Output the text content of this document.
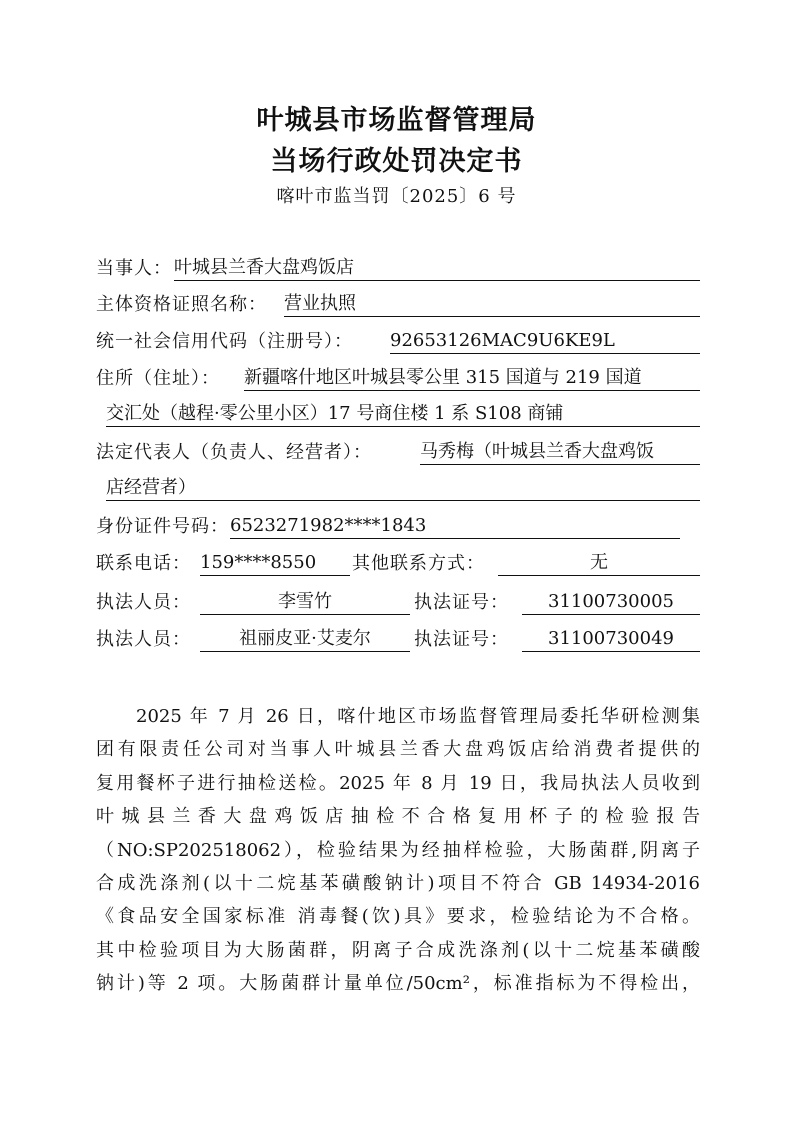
叶城县市场监督管理局
当场行政处罚决定书
喀叶市监当罚〔2025〕6 号
当事人： 叶城县兰香大盘鸡饭店
主体资格证照名称： 营业执照
统一社会信用代码（注册号）： 92653126MAC9U6KE9L
住所（住址）： 新疆喀什地区叶城县零公里 315 国道与 219 国道
交汇处（越程·零公里小区）17 号商住楼 1 系 S108 商铺
法定代表人（负责人、经营者）：	马秀梅（叶城县兰香大盘鸡饭
店经营者）
身份证件号码： 6523271982****1843
联系电话： 159****8550	其他联系方式：	无
执法人员：	李雪竹	执法证号：	31100730005
执法人员：	祖丽皮亚·艾麦尔	执法证号：	31100730049
2025 年 7 月 26 日，喀什地区市场监督管理局委托华研检测集
团有限责任公司对当事人叶城县兰香大盘鸡饭店给消费者提供的
复用餐杯子进行抽检送检。2025 年 8 月 19 日，我局执法人员收到
叶城县兰香大盘鸡饭店抽检不合格复用杯子的检验报告
（NO:SP202518062），检验结果为经抽样检验，大肠菌群,阴离子
合成洗涤剂(以十二烷基苯磺酸钠计)项目不符合 GB 14934-2016
《食品安全国家标准 消毒餐(饮)具》要求，检验结论为不合格。
其中检验项目为大肠菌群，阴离子合成洗涤剂(以十二烷基苯磺酸
钠计)等 2 项。大肠菌群计量单位/50cm²，标准指标为不得检出，
